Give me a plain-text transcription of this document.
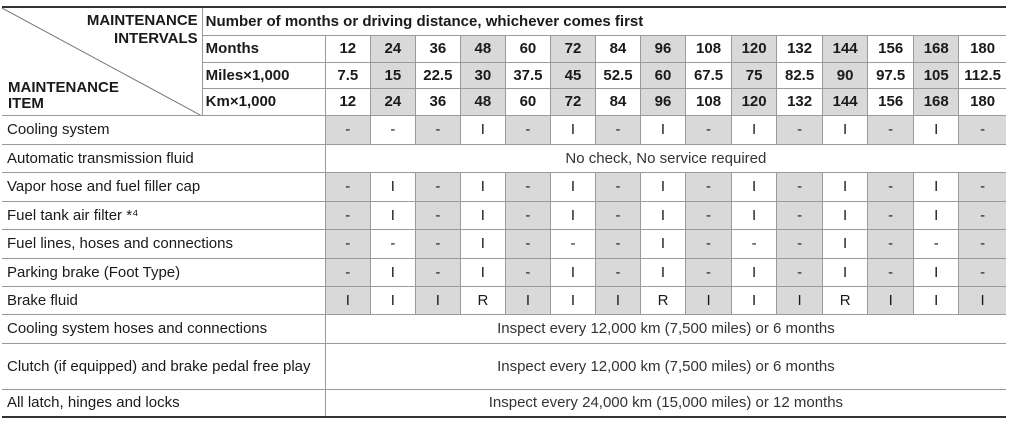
MAINTENANCE
INTERVALS
MAINTENANCE
ITEM	Number of months or driving distance, whichever comes first															
	Months	12	24	36	48	60	72	84	96	108	120	132	144	156	168	180
	Miles×1,000	7.5	15	22.5	30	37.5	45	52.5	60	67.5	75	82.5	90	97.5	105	112.5
	Km×1,000	12	24	36	48	60	72	84	96	108	120	132	144	156	168	180
Cooling system		-	-	-	I	-	I	-	I	-	I	-	I	-	I	-
Automatic transmission fluid		No check, No service required														
Vapor hose and fuel filler cap		-	I	-	I	-	I	-	I	-	I	-	I	-	I	-
Fuel tank air filter *⁴		-	I	-	I	-	I	-	I	-	I	-	I	-	I	-
Fuel lines, hoses and connections		-	-	-	I	-	-	-	I	-	-	-	I	-	-	-
Parking brake (Foot Type)		-	I	-	I	-	I	-	I	-	I	-	I	-	I	-
Brake fluid		I	I	I	R	I	I	I	R	I	I	I	R	I	I	I
Cooling system hoses and connections		Inspect every 12,000 km (7,500 miles) or 6 months														
Clutch (if equipped) and brake pedal free play		Inspect every 12,000 km (7,500 miles) or 6 months														
All latch, hinges and locks		Inspect every 24,000 km (15,000 miles) or 12 months														
